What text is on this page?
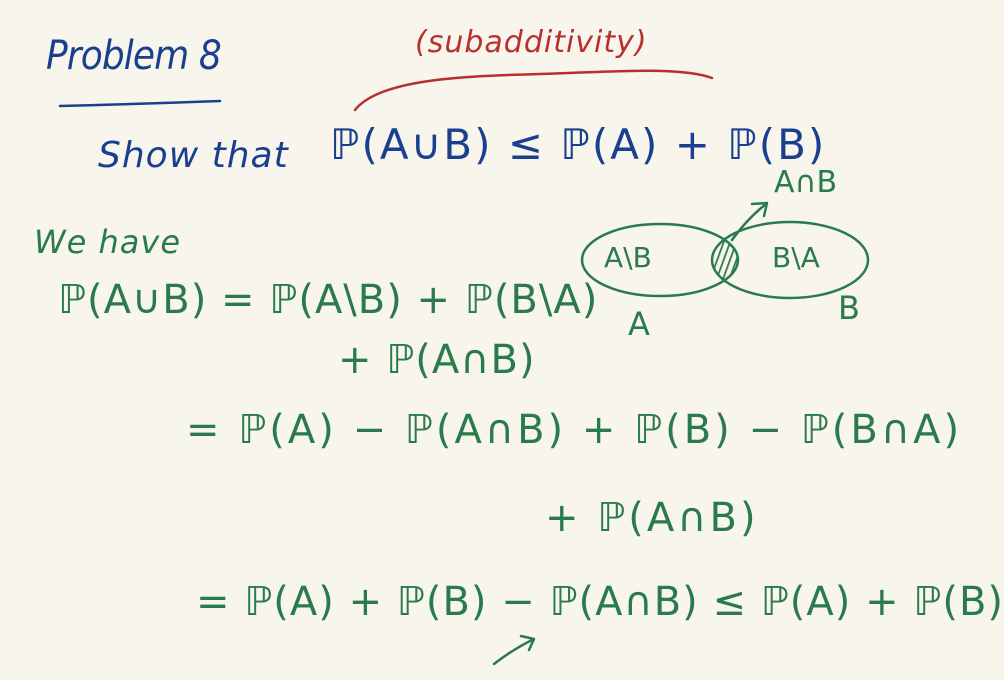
Problem 8	(subadditivity)
Show that ℙ(A∪B) ≤ ℙ(A) + ℙ(B)
We have
ℙ(A∪B) = ℙ(A\B) + ℙ(B\A)
+ ℙ(A∩B)
= ℙ(A) − ℙ(A∩B) + ℙ(B) − ℙ(B∩A)
+ ℙ(A∩B)
= ℙ(A) + ℙ(B) − ℙ(A∩B) ≤ ℙ(A) + ℙ(B)
A\B	B\A
A∩B
A	B
